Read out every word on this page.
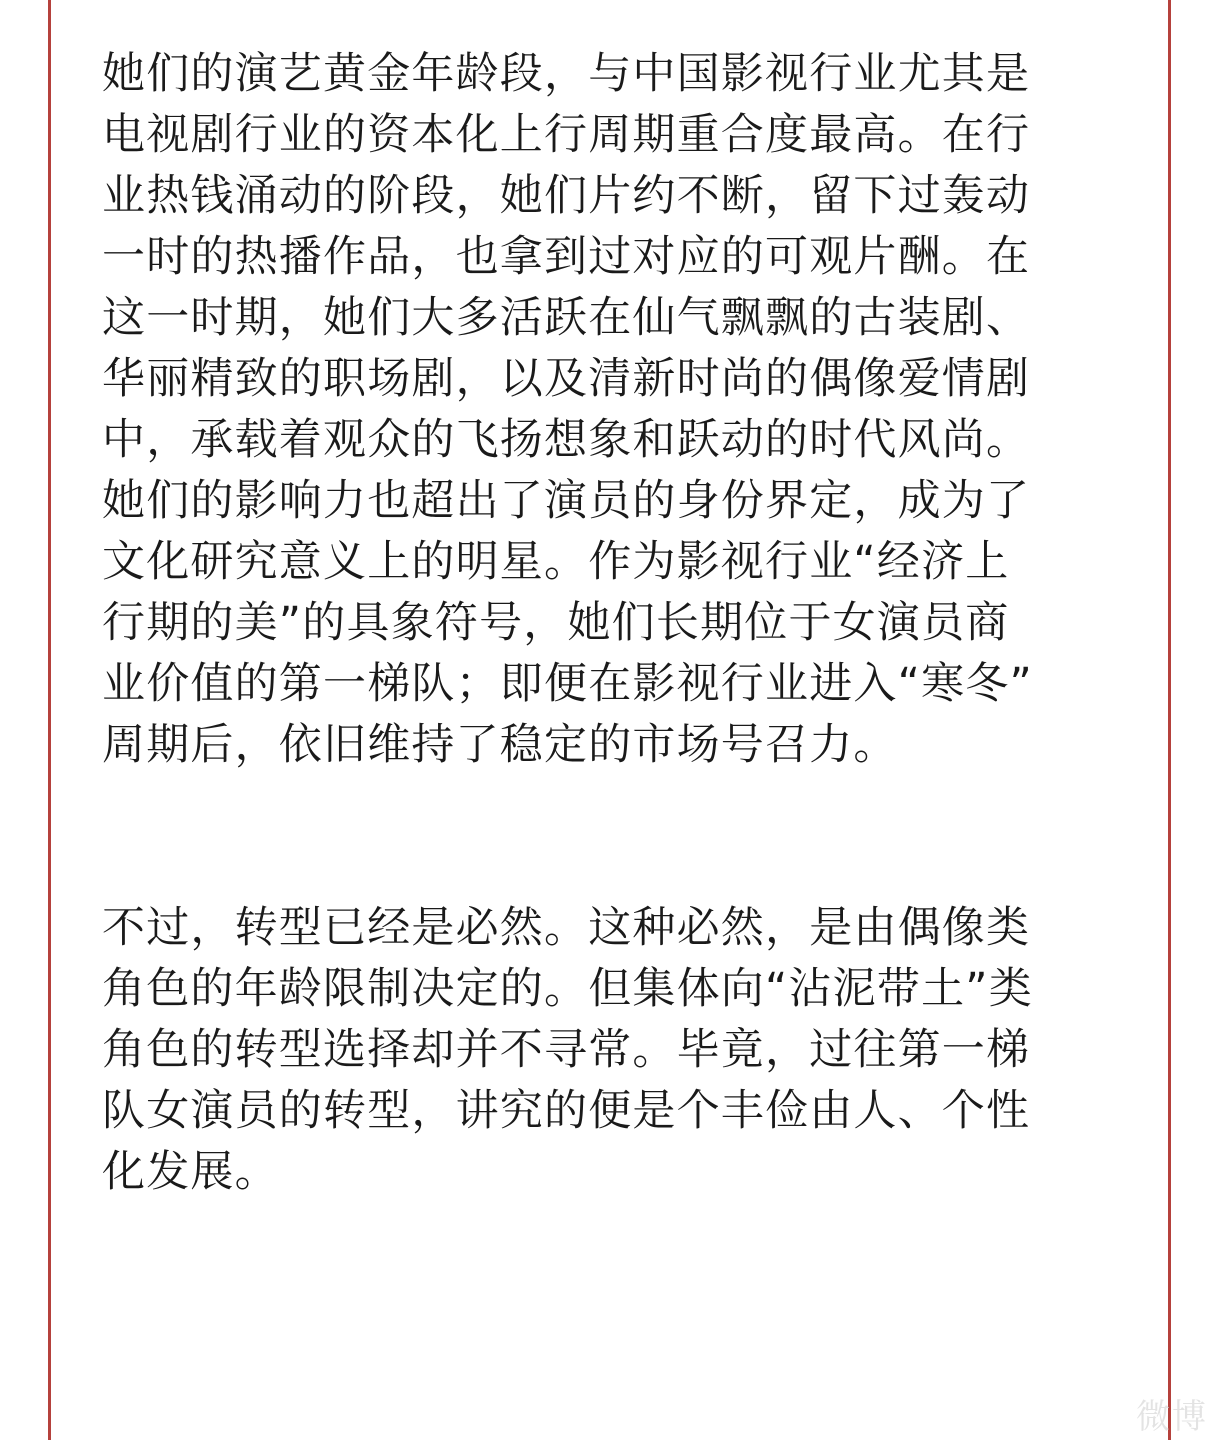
她们的演艺黄金年龄段，与中国影视行业尤其是
电视剧行业的资本化上行周期重合度最高。在行
业热钱涌动的阶段，她们片约不断，留下过轰动
一时的热播作品，也拿到过对应的可观片酬。在
这一时期，她们大多活跃在仙气飘飘的古装剧、
华丽精致的职场剧，以及清新时尚的偶像爱情剧
中，承载着观众的飞扬想象和跃动的时代风尚。
她们的影响力也超出了演员的身份界定，成为了
文化研究意义上的明星。作为影视行业“经济上
行期的美”的具象符号，她们长期位于女演员商
业价值的第一梯队；即便在影视行业进入“寒冬”
周期后，依旧维持了稳定的市场号召力。
不过，转型已经是必然。这种必然，是由偶像类
角色的年龄限制决定的。但集体向“沾泥带土”类
角色的转型选择却并不寻常。毕竟，过往第一梯
队女演员的转型，讲究的便是个丰俭由人、个性
化发展。
微博
